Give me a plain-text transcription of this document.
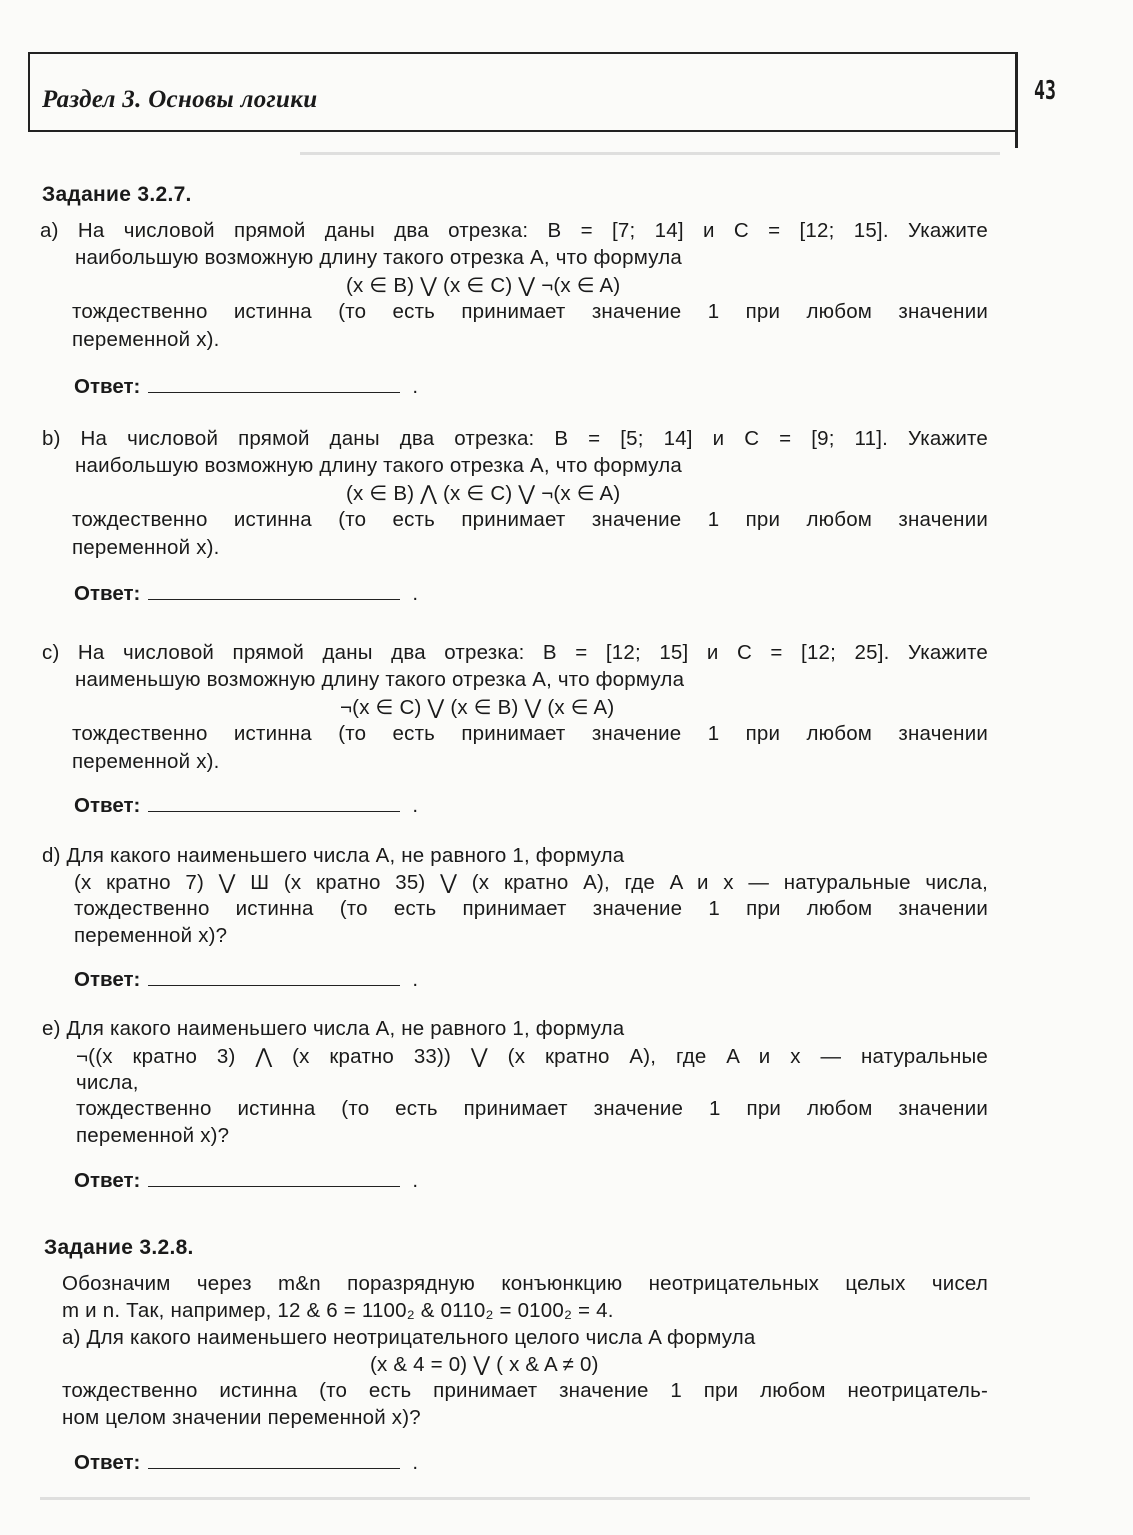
Раздел 3. Основы логики	43
Задание 3.2.7.
a) На числовой прямой даны два отрезка: B = [7; 14] и C = [12; 15]. Укажите
наибольшую возможную длину такого отрезка A, что формула
(x ∈ B) ⋁ (x ∈ C) ⋁ ¬(x ∈ A)
тождественно истинна (то есть принимает значение 1 при любом значении
переменной x).
Ответ:	.
b) На числовой прямой даны два отрезка: B = [5; 14] и C = [9; 11]. Укажите
наибольшую возможную длину такого отрезка A, что формула
(x ∈ B) ⋀ (x ∈ C) ⋁ ¬(x ∈ A)
тождественно истинна (то есть принимает значение 1 при любом значении
переменной x).
Ответ:	.
c) На числовой прямой даны два отрезка: B = [12; 15] и C = [12; 25]. Укажите
наименьшую возможную длину такого отрезка A, что формула
¬(x ∈ C) ⋁ (x ∈ B) ⋁ (x ∈ A)
тождественно истинна (то есть принимает значение 1 при любом значении
переменной x).
Ответ:	.
d) Для какого наименьшего числа A, не равного 1, формула
(x кратно 7) ⋁ Ш (x кратно 35) ⋁ (x кратно A), где A и x — натуральные числа,
тождественно истинна (то есть принимает значение 1 при любом значении
переменной x)?
Ответ:	.
e) Для какого наименьшего числа A, не равного 1, формула
¬((x кратно 3) ⋀ (x кратно 33)) ⋁ (x кратно A), где A и x — натуральные
числа,
тождественно истинна (то есть принимает значение 1 при любом значении
переменной x)?
Ответ:	.
Задание 3.2.8.
Обозначим через m&n поразрядную конъюнкцию неотрицательных целых чисел
m и n. Так, например, 12 & 6 = 1100₂ & 0110₂ = 0100₂ = 4.
a) Для какого наименьшего неотрицательного целого числа A формула
(x & 4 = 0) ⋁ ( x & A ≠ 0)
тождественно истинна (то есть принимает значение 1 при любом неотрицатель-
ном целом значении переменной x)?
Ответ:	.
